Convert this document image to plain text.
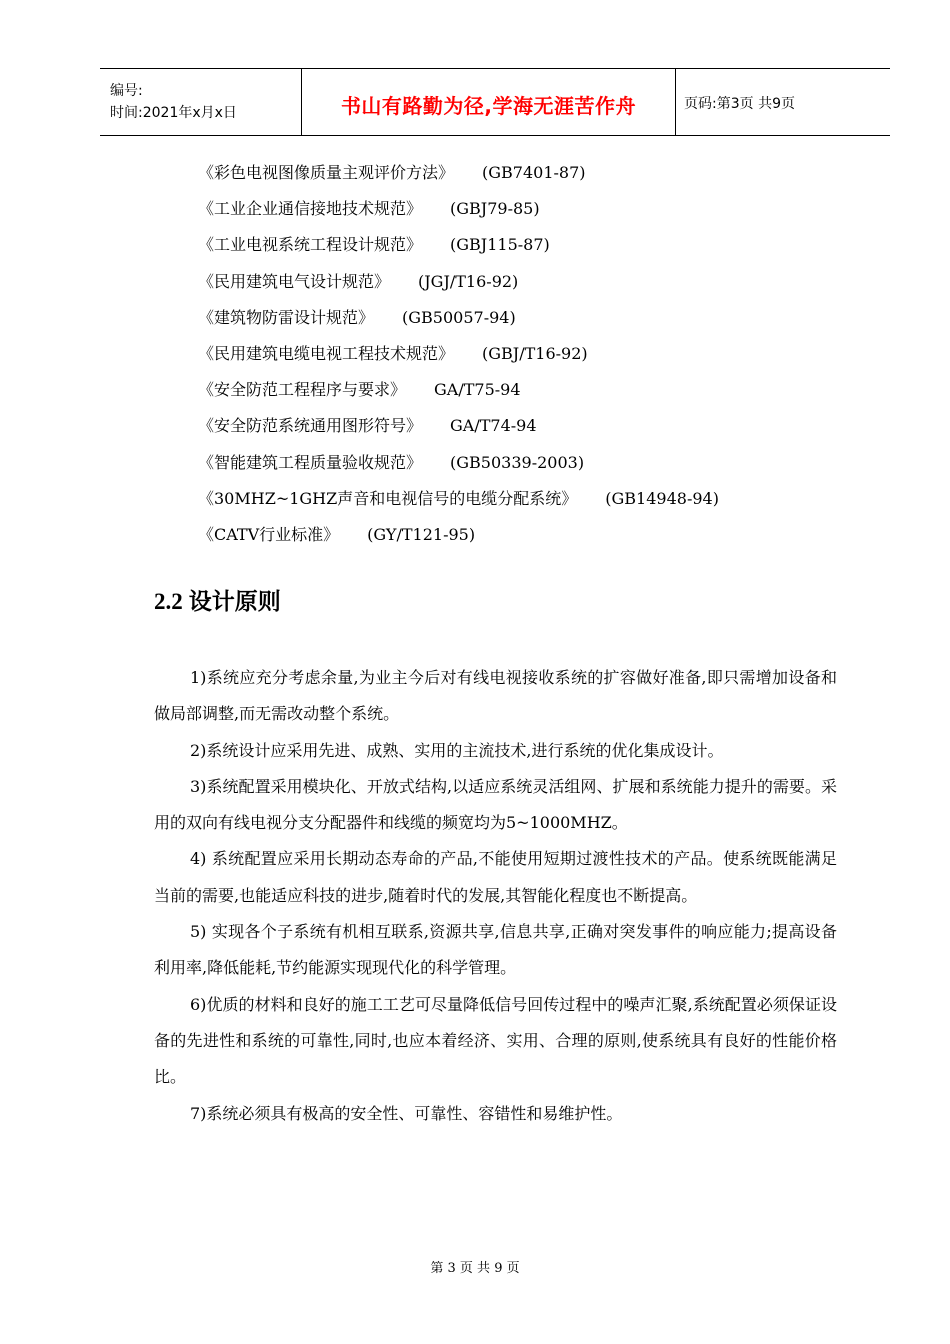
编号:
时间:2021年x月x日	书山有路勤为径,学海无涯苦作舟	页码:第3页 共9页
《彩色电视图像质量主观评价方法》 (GB7401-87)
《工业企业通信接地技术规范》 (GBJ79-85)
《工业电视系统工程设计规范》 (GBJ115-87)
《民用建筑电气设计规范》 (JGJ/T16-92)
《建筑物防雷设计规范》 (GB50057-94)
《民用建筑电缆电视工程技术规范》 (GBJ/T16-92)
《安全防范工程程序与要求》 GA/T75-94
《安全防范系统通用图形符号》 GA/T74-94
《智能建筑工程质量验收规范》 (GB50339-2003)
《30MHZ~1GHZ声音和电视信号的电缆分配系统》 (GB14948-94)
《CATV行业标准》 (GY/T121-95)
2.2 设计原则

1)系统应充分考虑余量,为业主今后对有线电视接收系统的扩容做好准备,即只需增加设备和做局部调整,而无需改动整个系统。

2)系统设计应采用先进、成熟、实用的主流技术,进行系统的优化集成设计。

3)系统配置采用模块化、开放式结构,以适应系统灵活组网、扩展和系统能力提升的需要。采用的双向有线电视分支分配器件和线缆的频宽均为5~1000MHZ。

4) 系统配置应采用长期动态寿命的产品,不能使用短期过渡性技术的产品。使系统既能满足当前的需要,也能适应科技的进步,随着时代的发展,其智能化程度也不断提高。

5) 实现各个子系统有机相互联系,资源共享,信息共享,正确对突发事件的响应能力;提高设备利用率,降低能耗,节约能源实现现代化的科学管理。

6)优质的材料和良好的施工工艺可尽量降低信号回传过程中的噪声汇聚,系统配置必须保证设备的先进性和系统的可靠性,同时,也应本着经济、实用、合理的原则,使系统具有良好的性能价格比。

7)系统必须具有极高的安全性、可靠性、容错性和易维护性。

第 3 页 共 9 页
